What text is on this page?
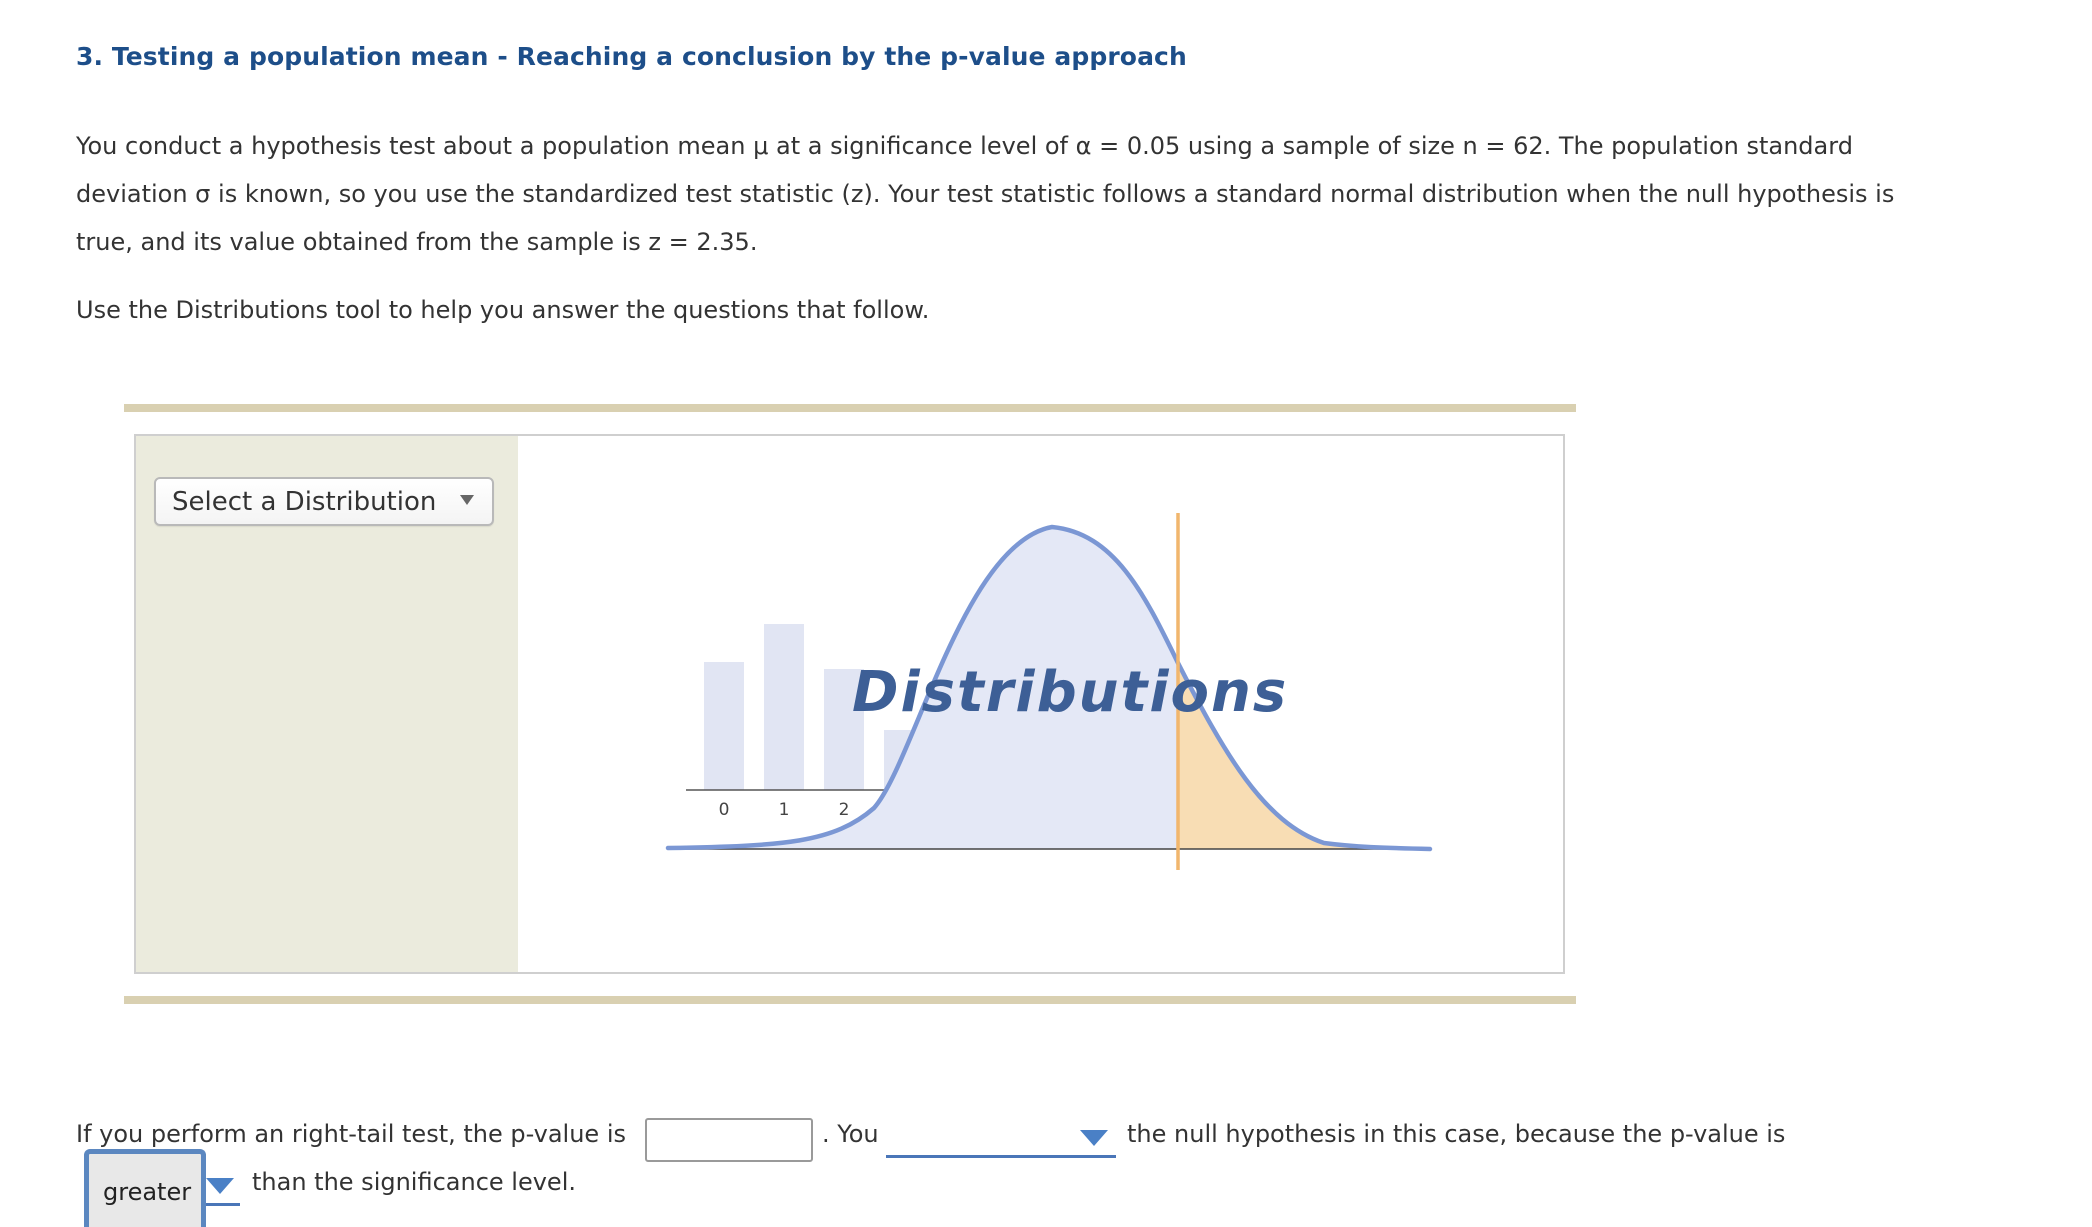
3. Testing a population mean - Reaching a conclusion by the p-value approach
You conduct a hypothesis test about a population mean μ at a significance level of α = 0.05 using a sample of size n = 62. The population standard deviation σ is known, so you use the standardized test statistic (z). Your test statistic follows a standard normal distribution when the null hypothesis is true, and its value obtained from the sample is z = 2.35.
Use the Distributions tool to help you answer the questions that follow.
Select a Distribution
0	1	2
Distributions
If you perform an right-tail test, the p-value is	. You	the null hypothesis in this case, because the p-value is
greater	than the significance level.
